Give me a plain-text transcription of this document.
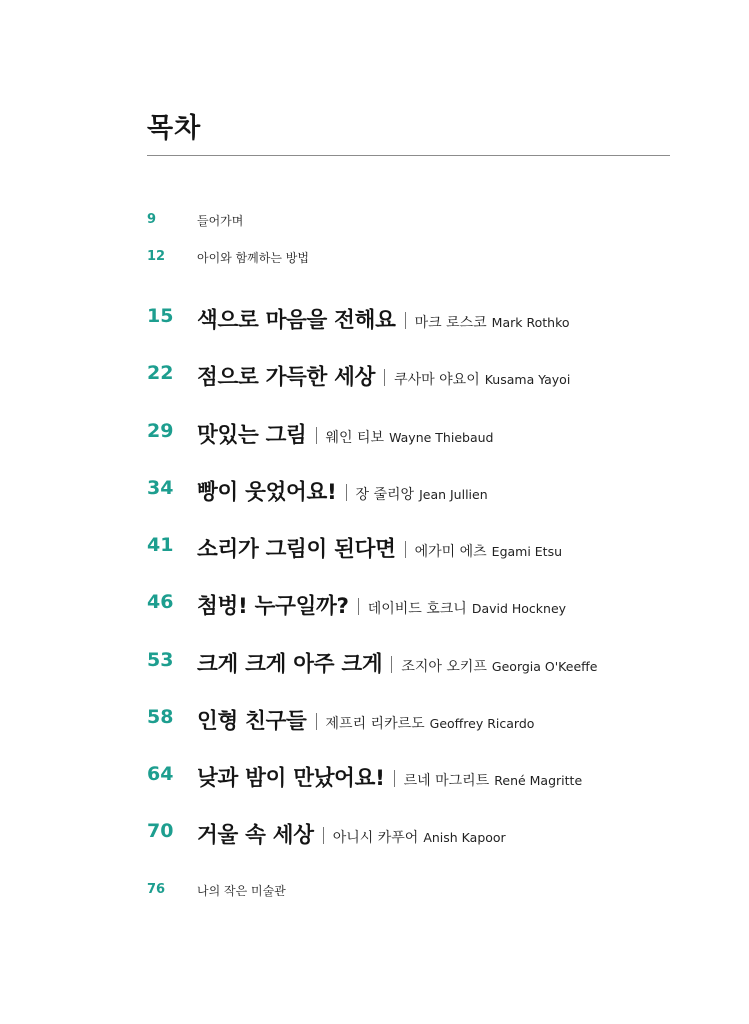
목차
9	들어가며
12	아이와 함께하는 방법
15 색으로 마음을 전해요 마크 로스코 Mark Rothko
22 점으로 가득한 세상 쿠사마 야요이 Kusama Yayoi
29 맛있는 그림 웨인 티보 Wayne Thiebaud
34 빵이 웃었어요! 장 줄리앙 Jean Jullien
41 소리가 그림이 된다면 에가미 에츠 Egami Etsu
46 첨벙! 누구일까? 데이비드 호크니 David Hockney
53 크게 크게 아주 크게 조지아 오키프 Georgia O'Keeffe
58 인형 친구들 제프리 리카르도 Geoffrey Ricardo
64 낮과 밤이 만났어요! 르네 마그리트 René Magritte
70 거울 속 세상 아니시 카푸어 Anish Kapoor
76	나의 작은 미술관
